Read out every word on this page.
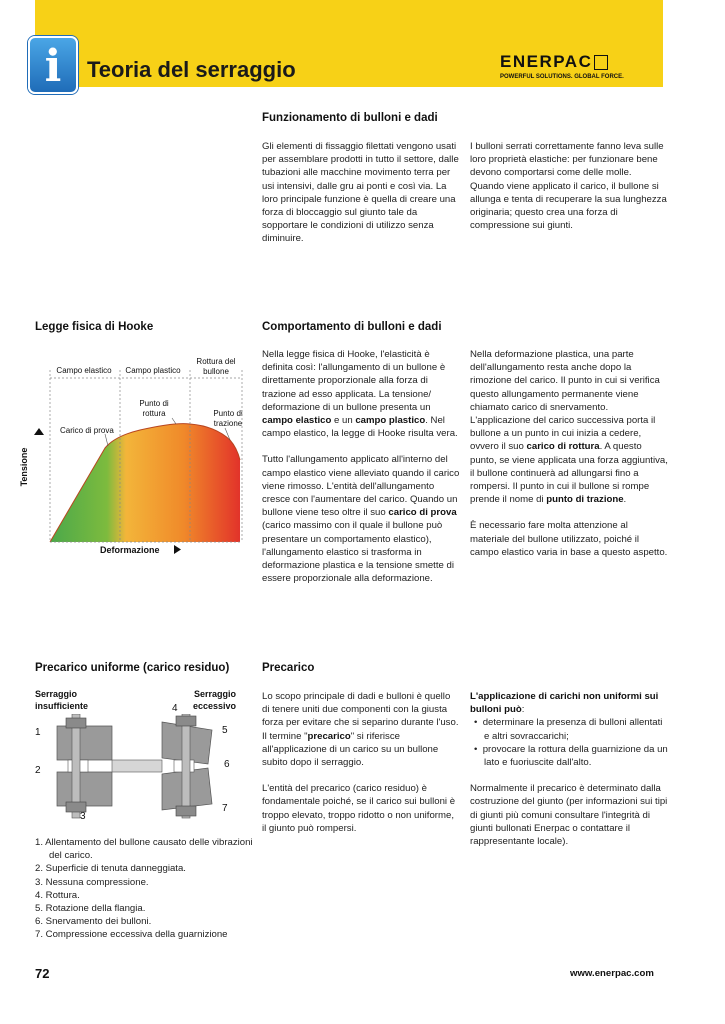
i	Teoria del serraggio	ENERPAC
POWERFUL SOLUTIONS. GLOBAL FORCE.
Funzionamento di bulloni e dadi
Gli elementi di fissaggio filettati vengono usati per assemblare prodotti in tutto il settore, dalle tubazioni alle macchine movimento terra per usi intensivi, dalle gru ai ponti e così via. La loro principale funzione è quella di creare una forza di bloccaggio sul giunto tale da sopportare le condizioni di utilizzo senza diminuire.
I bulloni serrati correttamente fanno leva sulle loro proprietà elastiche: per funzionare bene devono comportarsi come delle molle. Quando viene applicato il carico, il bullone si allunga e tenta di recuperare la sua lunghezza originaria; questo crea una forza di compressione sui giunti.
Legge fisica di Hooke
Campo elastico	Campo plastico
Rottura del bullone
Carico di prova
Punto di rottura	Punto di trazione
Tensione
Deformazione
Comportamento di bulloni e dadi
Nella legge fisica di Hooke, l'elasticità è definita così: l'allungamento di un bullone è direttamente proporzionale alla forza di trazione ad esso applicata. La tensione/ deformazione di un bullone presenta un campo elastico e un campo plastico. Nel campo elastico, la legge di Hooke risulta vera.
Tutto l'allungamento applicato all'interno del campo elastico viene alleviato quando il carico viene rimosso. L'entità dell'allungamento cresce con l'aumentare del carico. Quando un bullone viene teso oltre il suo carico di prova (carico massimo con il quale il bullone può presentare un comportamento elastico), l'allungamento elastico si trasforma in deformazione plastica e la tensione smette di essere proporzionale alla deformazione.
Nella deformazione plastica, una parte dell'allungamento resta anche dopo la rimozione del carico. Il punto in cui si verifica questo allungamento permanente viene chiamato carico di snervamento. L'applicazione del carico successiva porta il bullone a un punto in cui inizia a cedere, ovvero il suo carico di rottura. A questo punto, se viene applicata una forza aggiuntiva, il bullone continuerà ad allungarsi fino a rompersi. Il punto in cui il bullone si rompe prende il nome di punto di trazione.
È necessario fare molta attenzione al materiale del bullone utilizzato, poiché il campo elastico varia in base a questo aspetto.
Precarico uniforme (carico residuo)
Serraggio insufficiente
Serraggio eccessivo
1
2
3
4
5
6
7
1. Allentamento del bullone causato delle vibrazioni del carico.
2. Superficie di tenuta danneggiata.
3. Nessuna compressione.
4. Rottura.
5. Rotazione della flangia.
6. Snervamento dei bulloni.
7. Compressione eccessiva della guarnizione
Precarico
Lo scopo principale di dadi e bulloni è quello di tenere uniti due componenti con la giusta forza per evitare che si separino durante l'uso. Il termine "precarico" si riferisce all'applicazione di un carico su un bullone subito dopo il serraggio.
L'entità del precarico (carico residuo) è fondamentale poiché, se il carico sui bulloni è troppo elevato, troppo ridotto o non uniforme, il giunto può rompersi.
L'applicazione di carichi non uniformi sui bulloni può:
•  determinare la presenza di bulloni allentati e altri sovraccarichi;
•  provocare la rottura della guarnizione da un lato e fuoriuscite dall'alto.
Normalmente il precarico è determinato dalla costruzione del giunto (per informazioni sui tipi di giunti più comuni consultare l'integrità di giunti bullonati Enerpac o contattare il rappresentante locale).
72	www.enerpac.com
